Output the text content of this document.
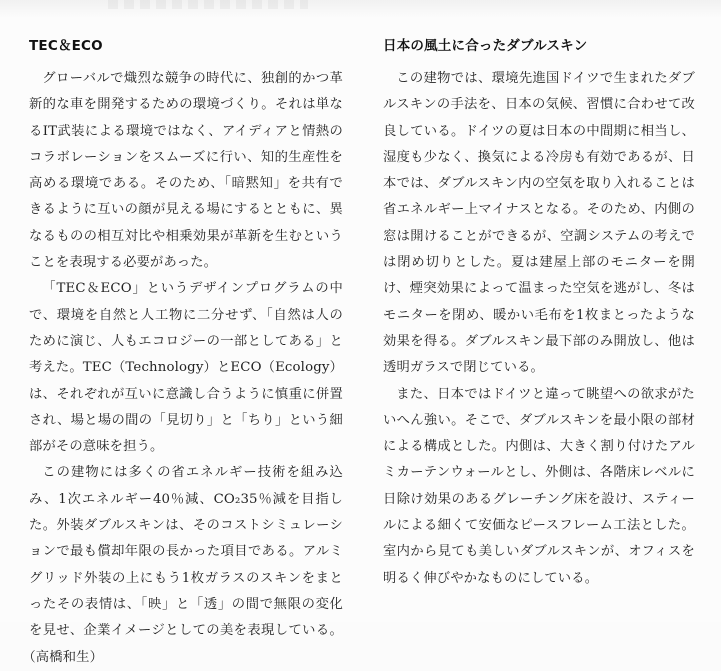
TEC＆ECO

グローバルで熾烈な競争の時代に、独創的かつ革新的な車を開発するための環境づくり。それは単なるIT武装による環境ではなく、アイディアと情熱のコラボレーションをスムーズに行い、知的生産性を高める環境である。そのため、「暗黙知」を共有できるように互いの顔が見える場にするとともに、異なるものの相互対比や相乗効果が革新を生むということを表現する必要があった。

「TEC＆ECO」というデザインプログラムの中で、環境を自然と人工物に二分せず、「自然は人のために演じ、人もエコロジーの一部としてある」と考えた。TEC（Technology）とECO（Ecology）は、それぞれが互いに意識し合うように慎重に併置され、場と場の間の「見切り」と「ちり」という細部がその意味を担う。

この建物には多くの省エネルギー技術を組み込み、1次エネルギー40％減、CO₂35％減を目指した。外装ダブルスキンは、そのコストシミュレーションで最も償却年限の長かった項目である。アルミグリッド外装の上にもう1枚ガラスのスキンをまとったその表情は、「映」と「透」の間で無限の変化を見せ、企業イメージとしての美を表現している。（高橋和生）

日本の風土に合ったダブルスキン

この建物では、環境先進国ドイツで生まれたダブルスキンの手法を、日本の気候、習慣に合わせて改良している。ドイツの夏は日本の中間期に相当し、湿度も少なく、換気による冷房も有効であるが、日本では、ダブルスキン内の空気を取り入れることは省エネルギー上マイナスとなる。そのため、内側の窓は開けることができるが、空調システムの考えでは閉め切りとした。夏は建屋上部のモニターを開け、煙突効果によって温まった空気を逃がし、冬はモニターを閉め、暖かい毛布を1枚まとったような効果を得る。ダブルスキン最下部のみ開放し、他は透明ガラスで閉じている。

また、日本ではドイツと違って眺望への欲求がたいへん強い。そこで、ダブルスキンを最小限の部材による構成とした。内側は、大きく割り付けたアルミカーテンウォールとし、外側は、各階床レベルに日除け効果のあるグレーチング床を設け、スティールによる細くて安価なピースフレーム工法とした。室内から見ても美しいダブルスキンが、オフィスを明るく伸びやかなものにしている。
